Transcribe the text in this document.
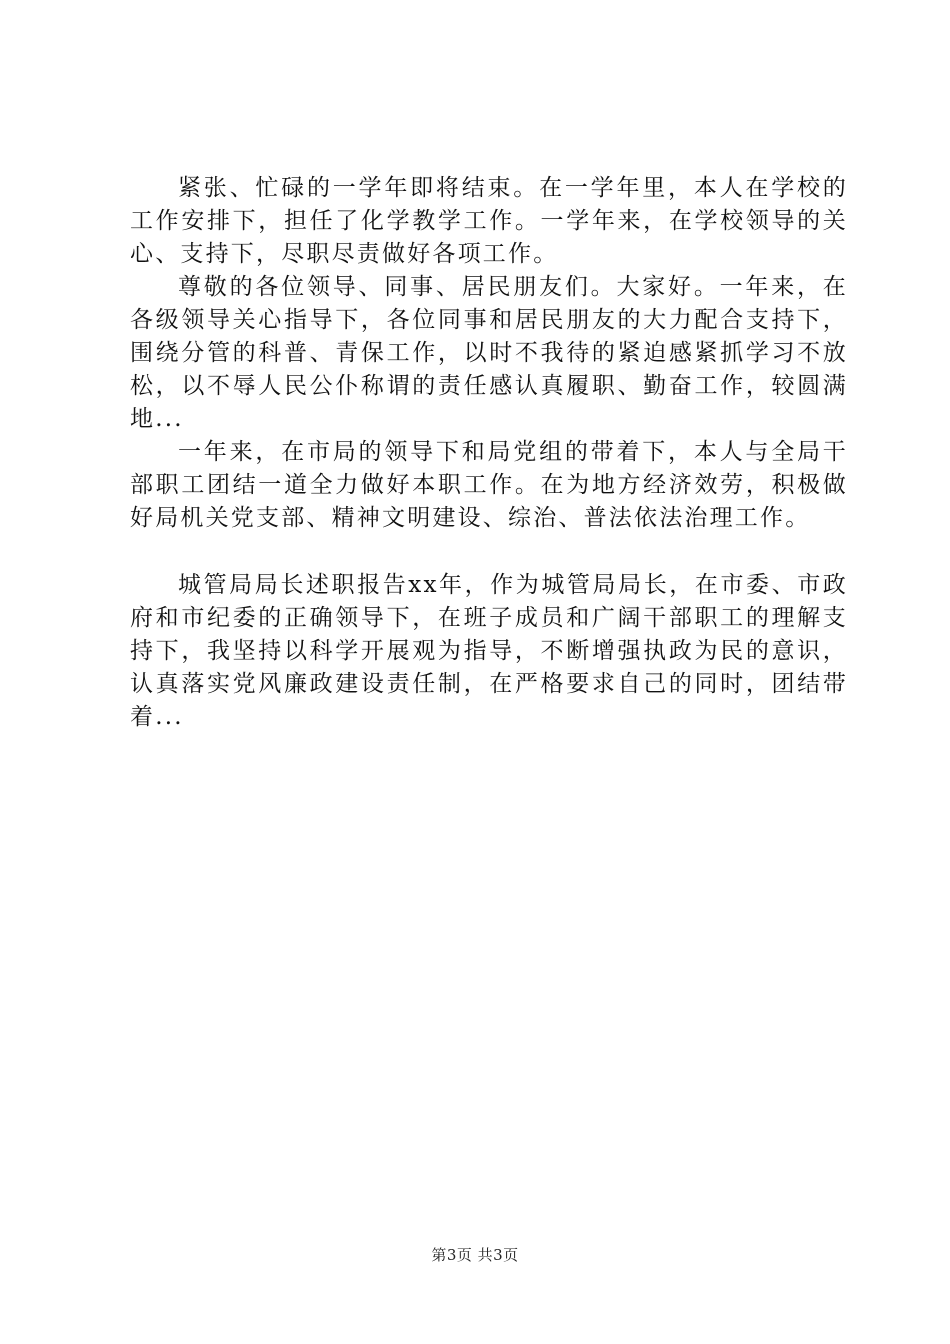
紧张、忙碌的一学年即将结束。在一学年里，本人在学校的工作安排下，担任了化学教学工作。一学年来，在学校领导的关心、支持下，尽职尽责做好各项工作。

尊敬的各位领导、同事、居民朋友们。大家好。一年来，在各级领导关心指导下，各位同事和居民朋友的大力配合支持下，围绕分管的科普、青保工作，以时不我待的紧迫感紧抓学习不放松，以不辱人民公仆称谓的责任感认真履职、勤奋工作，较圆满地...

一年来，在市局的领导下和局党组的带着下，本人与全局干部职工团结一道全力做好本职工作。在为地方经济效劳，积极做好局机关党支部、精神文明建设、综治、普法依法治理工作。

城管局局长述职报告xx年，作为城管局局长，在市委、市政府和市纪委的正确领导下，在班子成员和广阔干部职工的理解支持下，我坚持以科学开展观为指导，不断增强执政为民的意识，认真落实党风廉政建设责任制，在严格要求自己的同时，团结带着...

第3页 共3页
